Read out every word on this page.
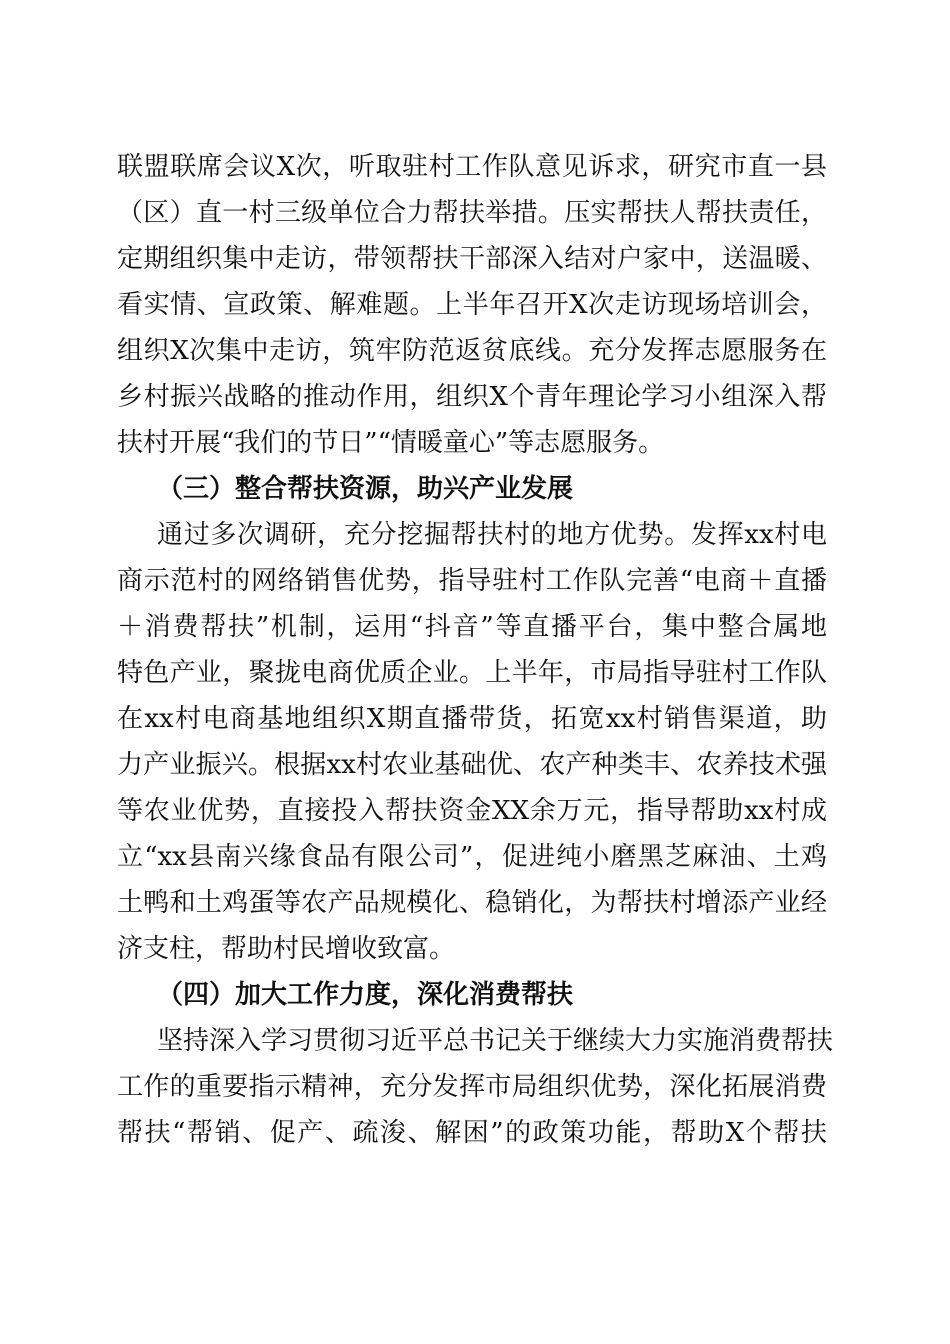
联盟联席会议X次，听取驻村工作队意见诉求，研究市直一县
（区）直一村三级单位合力帮扶举措。压实帮扶人帮扶责任，
定期组织集中走访，带领帮扶干部深入结对户家中，送温暖、
看实情、宣政策、解难题。上半年召开X次走访现场培训会，
组织X次集中走访，筑牢防范返贫底线。充分发挥志愿服务在
乡村振兴战略的推动作用，组织X个青年理论学习小组深入帮
扶村开展“我们的节日”“情暖童心”等志愿服务。
（三）整合帮扶资源，助兴产业发展
通过多次调研，充分挖掘帮扶村的地方优势。发挥xx村电
商示范村的网络销售优势，指导驻村工作队完善“电商＋直播
＋消费帮扶”机制，运用“抖音”等直播平台，集中整合属地
特色产业，聚拢电商优质企业。上半年，市局指导驻村工作队
在xx村电商基地组织X期直播带货，拓宽xx村销售渠道，助
力产业振兴。根据xx村农业基础优、农产种类丰、农养技术强
等农业优势，直接投入帮扶资金XX余万元，指导帮助xx村成
立“xx县南兴缘食品有限公司”，促进纯小磨黑芝麻油、土鸡
土鸭和土鸡蛋等农产品规模化、稳销化，为帮扶村增添产业经
济支柱，帮助村民增收致富。
（四）加大工作力度，深化消费帮扶
坚持深入学习贯彻习近平总书记关于继续大力实施消费帮扶
工作的重要指示精神，充分发挥市局组织优势，深化拓展消费
帮扶“帮销、促产、疏浚、解困”的政策功能，帮助X个帮扶
